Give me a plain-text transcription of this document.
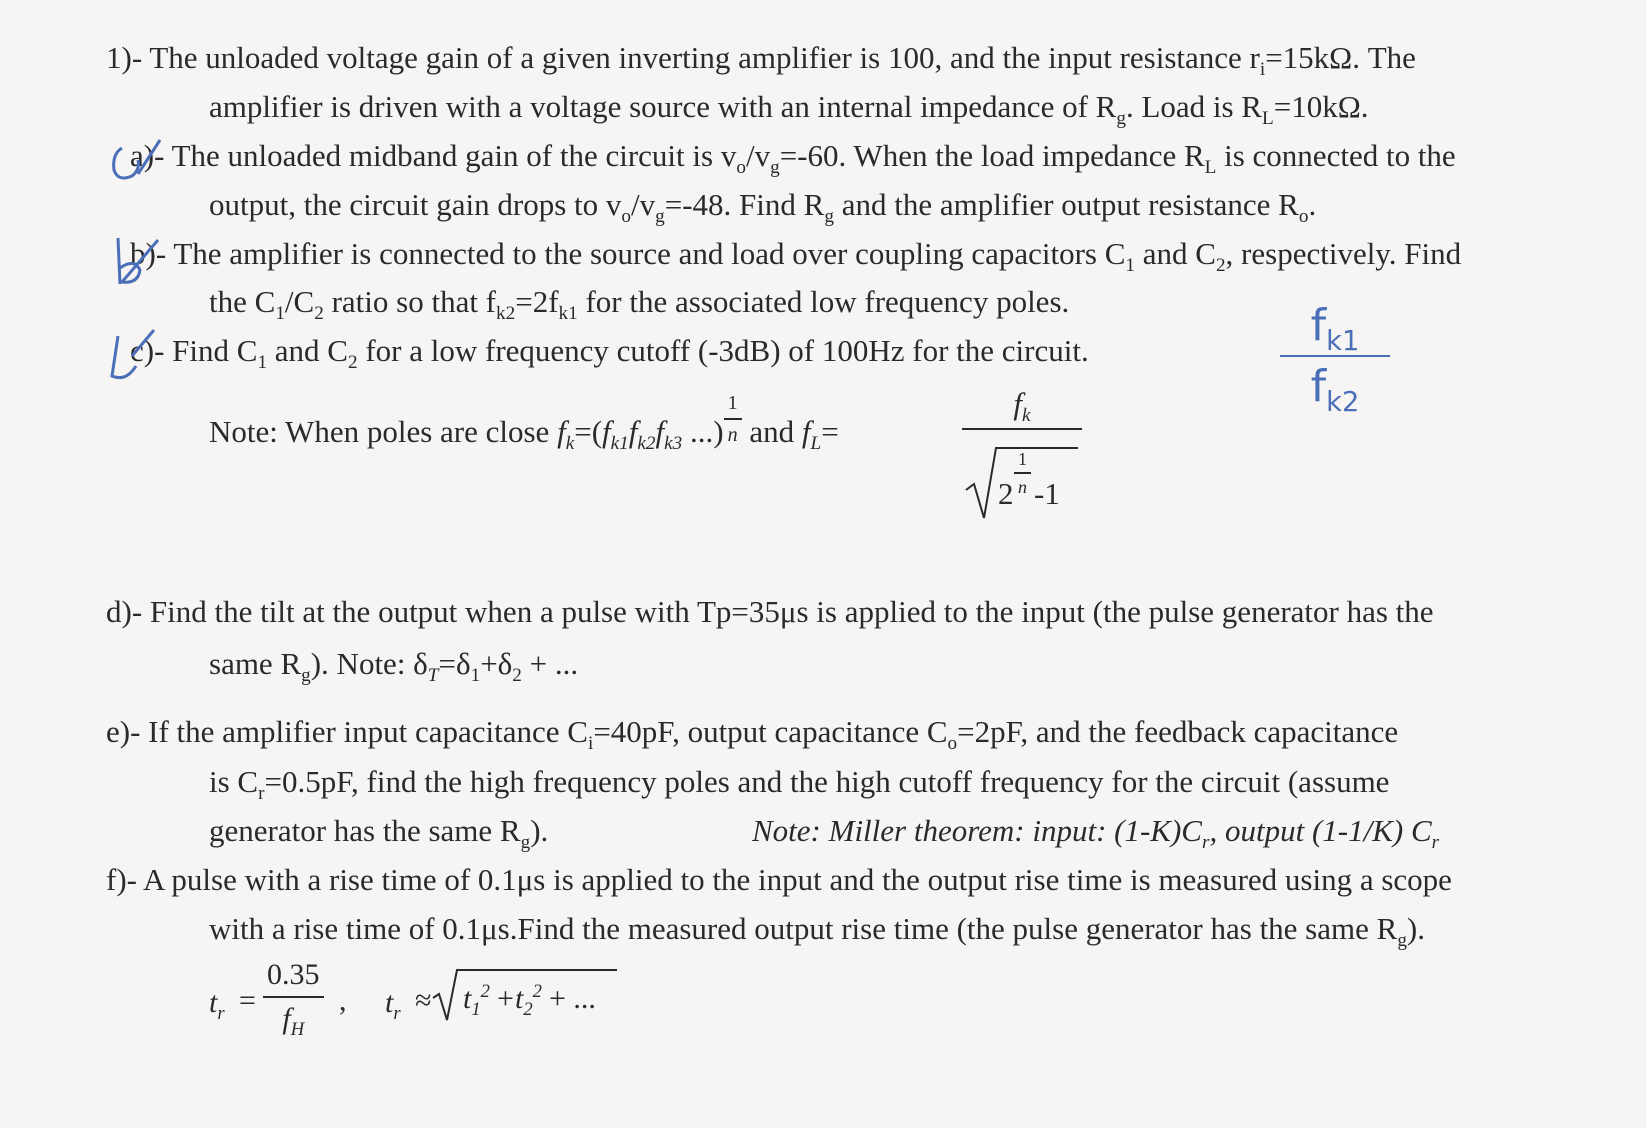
1)- The unloaded voltage gain of a given inverting amplifier is 100, and the input resistance $r_i=15k\Omega$. The
amplifier is driven with a voltage source with an internal impedance of $R_g$. Load is $R_L=10k\Omega$.
a)- The unloaded midband gain of the circuit is $v_o/v_g=-60$. When the load impedance $R_L$ is connected to the
output, the circuit gain drops to $v_o/v_g=-48$. Find $R_g$ and the amplifier output resistance $R_o$.
b)- The amplifier is connected to the source and load over coupling capacitors $C_1$ and $C_2$, respectively. Find
the $C_1/C_2$ ratio so that $f_{k2}=2f_{k1}$ for the associated low frequency poles.
c)- Find $C_1$ and $C_2$ for a low frequency cutoff (-3dB) of 100Hz for the circuit.
Note: When poles are close $f_k=(f_{k1}f_{k2}f_{k3}$ ...) $\frac{1}{n}$ and $f_L=$
$f_k$
2
1
n -1
$f_{k1}$
$f_{k2}$
d)- Find the tilt at the output when a pulse with Tp=35μs is applied to the input (the pulse generator has the
same $R_g$). Note: $\delta_T=\delta_1+\delta_2$ + ...
e)- If the amplifier input capacitance $C_i=40pF$, output capacitance $C_o=2pF$, and the feedback capacitance
is $C_r=0.5pF$, find the high frequency poles and the high cutoff frequency for the circuit (assume
generator has the same $R_g$).	Note: Miller theorem: input: $(1-K)C_r$, output (1-1/K) $C_r$
f)- A pulse with a rise time of 0.1μs is applied to the input and the output rise time is measured using a scope
with a rise time of 0.1μs.Find the measured output rise time (the pulse generator has the same $R_g$).
$t_r$ =
0.35
$f_H$
, $t_r \approx t_1^2 + t_2^2$ + ...
